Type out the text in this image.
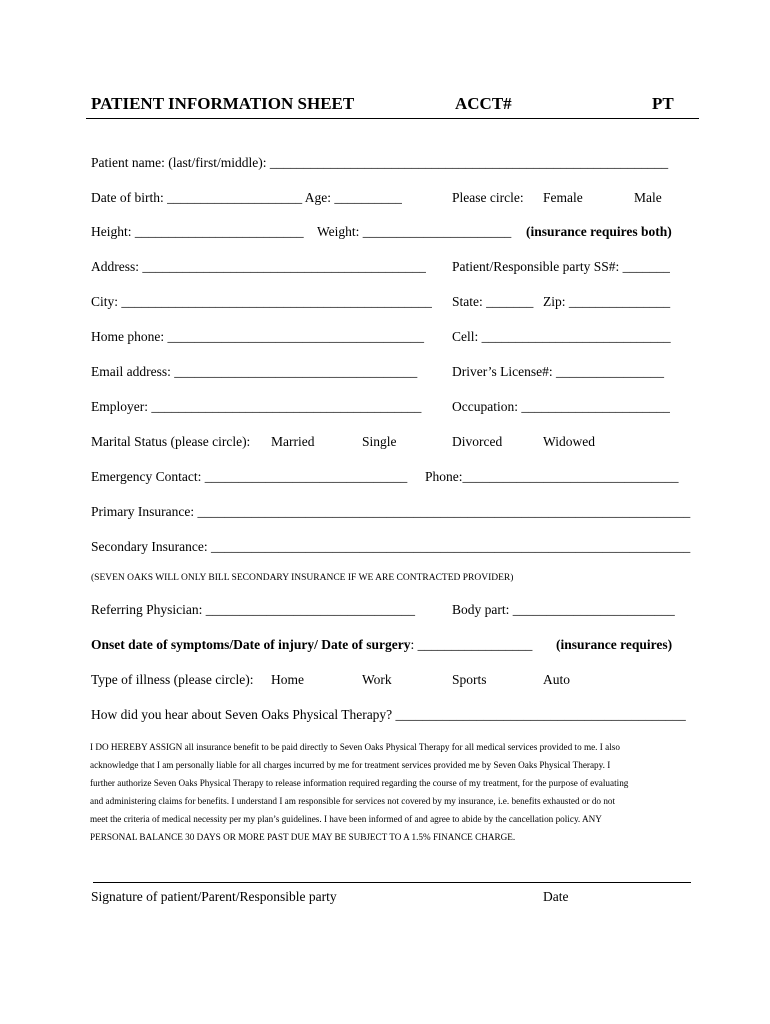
PATIENT INFORMATION SHEET	ACCT#	PT
Patient name: (last/first/middle): ___________________________________________________________
Date of birth: ____________________ Age: __________	Please circle: Female	Male
Height: _________________________ Weight: ______________________ (insurance requires both)
Address: __________________________________________ Patient/Responsible party SS#: _______
City: ______________________________________________ State: _______ Zip: _______________
Home phone: ______________________________________ Cell: ____________________________
Email address: ____________________________________	Driver’s License#: ________________
Employer: ________________________________________ Occupation: ______________________
Marital Status (please circle): Married	Single	Divorced	Widowed
Emergency Contact: ______________________________ Phone:________________________________
Primary Insurance: _________________________________________________________________________
Secondary Insurance: _______________________________________________________________________
(SEVEN OAKS WILL ONLY BILL SECONDARY INSURANCE IF WE ARE CONTRACTED PROVIDER)
Referring Physician: _______________________________	Body part: ________________________
Onset date of symptoms/Date of injury/ Date of surgery: _________________ (insurance requires)
Type of illness (please circle): Home	Work	Sports	Auto
How did you hear about Seven Oaks Physical Therapy? ___________________________________________
I DO HEREBY ASSIGN all insurance benefit to be paid directly to Seven Oaks Physical Therapy for all medical services provided to me. I also
acknowledge that I am personally liable for all charges incurred by me for treatment services provided me by Seven Oaks Physical Therapy. I
further authorize Seven Oaks Physical Therapy to release information required regarding the course of my treatment, for the purpose of evaluating
and administering claims for benefits. I understand I am responsible for services not covered by my insurance, i.e. benefits exhausted or do not
meet the criteria of medical necessity per my plan’s guidelines. I have been informed of and agree to abide by the cancellation policy. ANY
PERSONAL BALANCE 30 DAYS OR MORE PAST DUE MAY BE SUBJECT TO A 1.5% FINANCE CHARGE.
Signature of patient/Parent/Responsible party	Date
